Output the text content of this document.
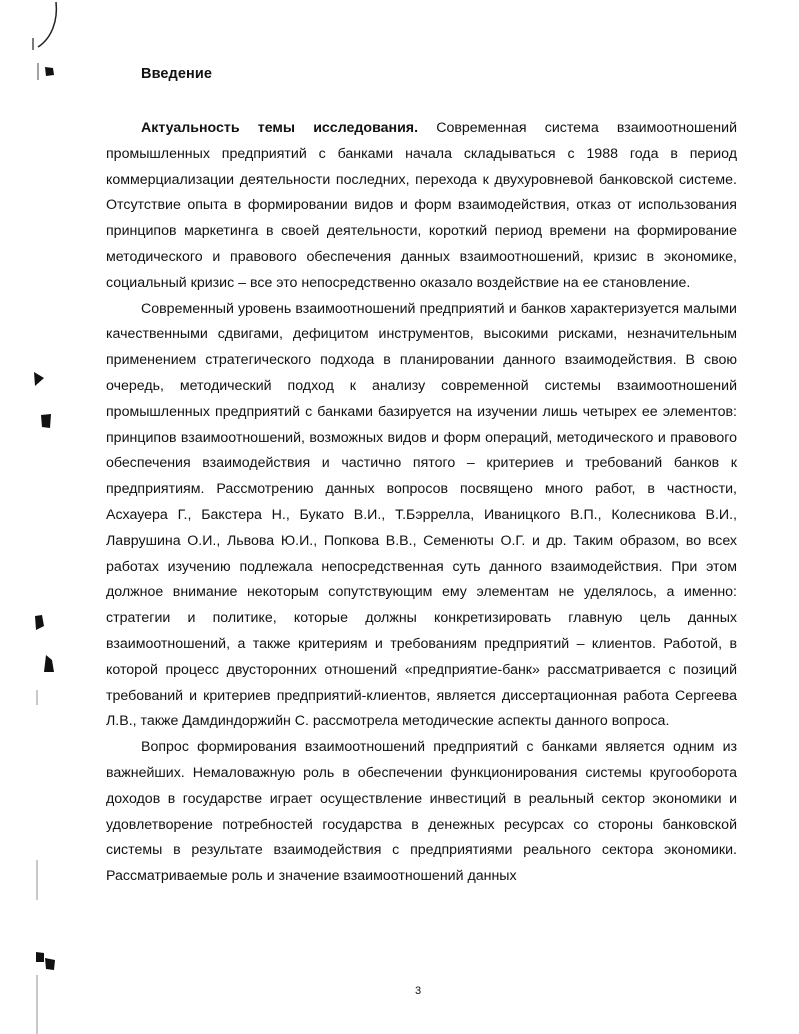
Введение

Актуальность темы исследования. Современная система взаимоотношений промышленных предприятий с банками начала складываться с 1988 года в период коммерциализации деятельности последних, перехода к двухуровневой банковской системе. Отсутствие опыта в формировании видов и форм взаимодействия, отказ от использования принципов маркетинга в своей деятельности, короткий период времени на формирование методического и правового обеспечения данных взаимоотношений, кризис в экономике, социальный кризис – все это непосредственно оказало воздействие на ее становление.

Современный уровень взаимоотношений предприятий и банков характеризуется малыми качественными сдвигами, дефицитом инструментов, высокими рисками, незначительным применением стратегического подхода в планировании данного взаимодействия. В свою очередь, методический подход к анализу современной системы взаимоотношений промышленных предприятий с банками базируется на изучении лишь четырех ее элементов: принципов взаимоотношений, возможных видов и форм операций, методического и правового обеспечения взаимодействия и частично пятого – критериев и требований банков к предприятиям. Рассмотрению данных вопросов посвящено много работ, в частности, Асхауера Г., Бакстера Н., Букато В.И., Т.Бэррелла, Иваницкого В.П., Колесникова В.И., Лаврушина О.И., Львова Ю.И., Попкова В.В., Семенюты О.Г. и др. Таким образом, во всех работах изучению подлежала непосредственная суть данного взаимодействия. При этом должное внимание некоторым сопутствующим ему элементам не уделялось, а именно: стратегии и политике, которые должны конкретизировать главную цель данных взаимоотношений, а также критериям и требованиям предприятий – клиентов. Работой, в которой процесс двусторонних отношений «предприятие-банк» рассматривается с позиций требований и критериев предприятий-клиентов, является диссертационная работа Сергеева Л.В., также Дамдиндоржийн С. рассмотрела методические аспекты данного вопроса.

Вопрос формирования взаимоотношений предприятий с банками является одним из важнейших. Немаловажную роль в обеспечении функционирования системы кругооборота доходов в государстве играет осуществление инвестиций в реальный сектор экономики и удовлетворение потребностей государства в денежных ресурсах со стороны банковской системы в результате взаимодействия с предприятиями реального сектора экономики. Рассматриваемые роль и значение взаимоотношений данных

3
